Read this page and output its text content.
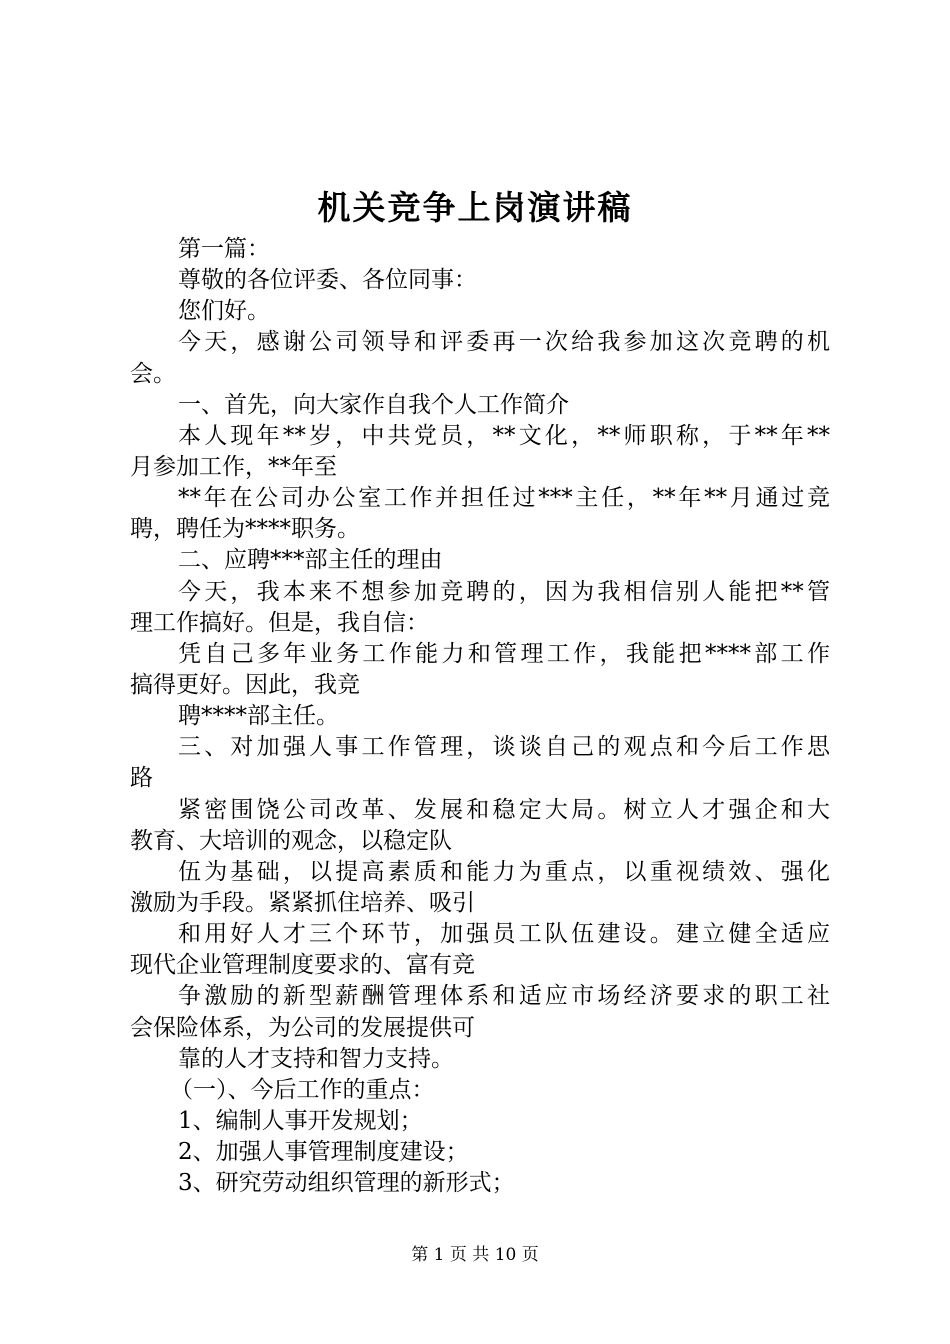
机关竞争上岗演讲稿
第一篇：
尊敬的各位评委、各位同事：
您们好。
今天，感谢公司领导和评委再一次给我参加这次竞聘的机
会。
一、首先，向大家作自我个人工作简介
本人现年**岁，中共党员，**文化，**师职称，于**年**
月参加工作，**年至
**年在公司办公室工作并担任过***主任，**年**月通过竞
聘，聘任为****职务。
二、应聘***部主任的理由
今天，我本来不想参加竞聘的，因为我相信别人能把**管
理工作搞好。但是，我自信：
凭自己多年业务工作能力和管理工作，我能把****部工作
搞得更好。因此，我竞
聘****部主任。
三、对加强人事工作管理，谈谈自己的观点和今后工作思
路
紧密围饶公司改革、发展和稳定大局。树立人才强企和大
教育、大培训的观念，以稳定队
伍为基础，以提高素质和能力为重点，以重视绩效、强化
激励为手段。紧紧抓住培养、吸引
和用好人才三个环节，加强员工队伍建设。建立健全适应
现代企业管理制度要求的、富有竞
争激励的新型薪酬管理体系和适应市场经济要求的职工社
会保险体系，为公司的发展提供可
靠的人才支持和智力支持。
（一）、今后工作的重点：
1、编制人事开发规划；
2、加强人事管理制度建设；
3、研究劳动组织管理的新形式；
第 1 页 共 10 页
